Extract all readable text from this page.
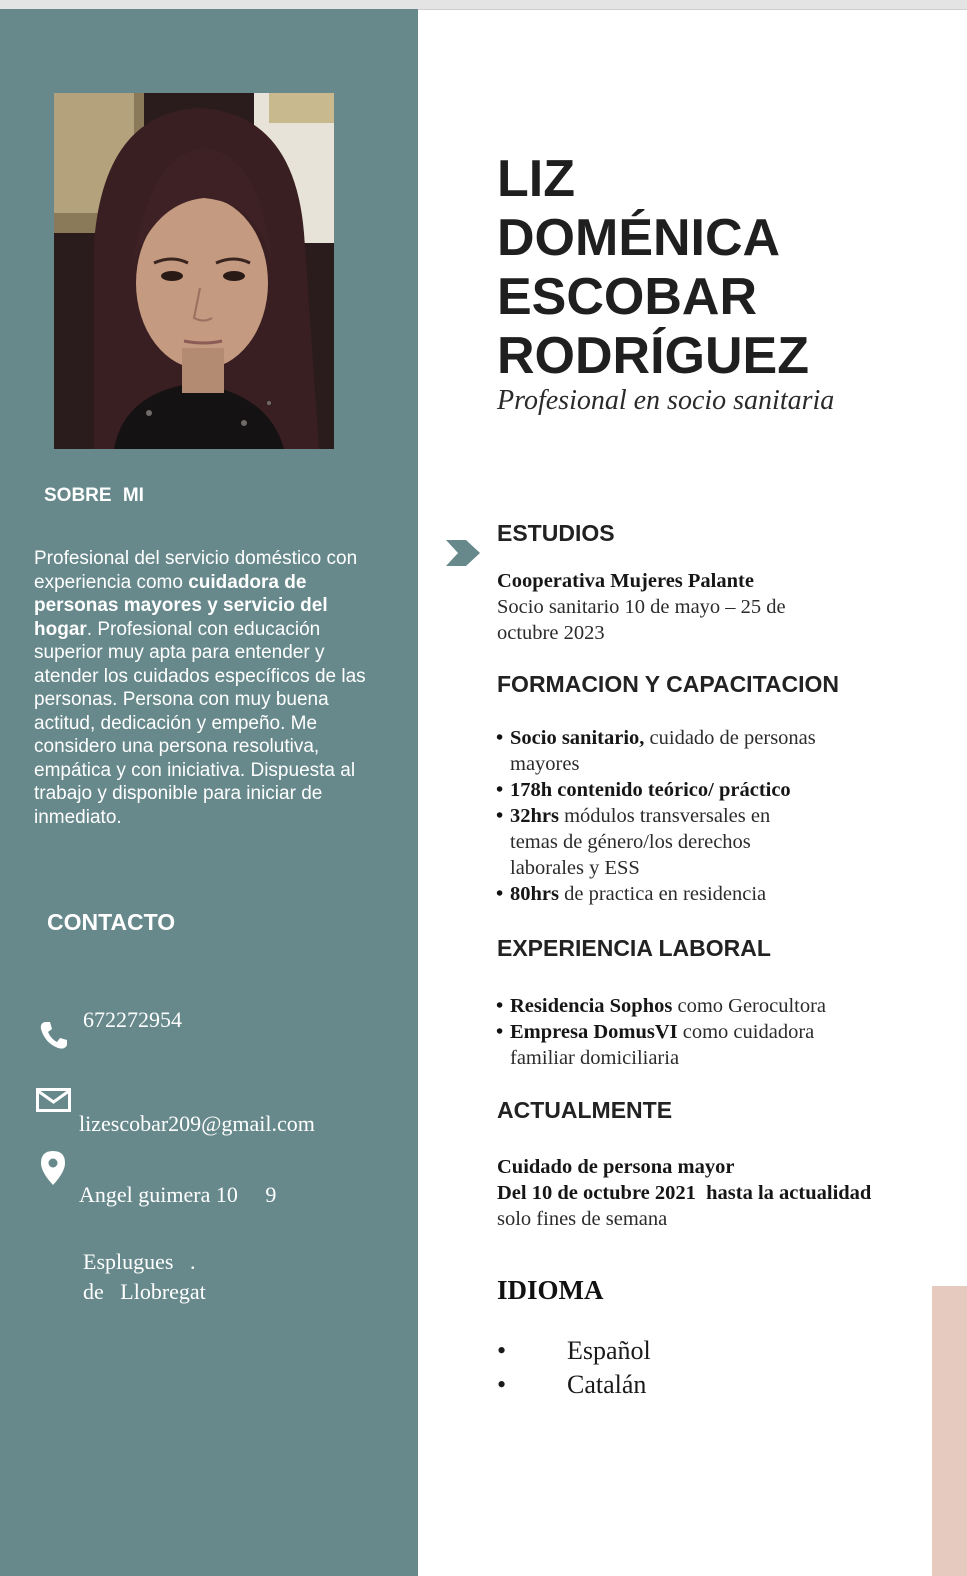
SOBRE MI

Profesional del servicio doméstico con experiencia como cuidadora de personas mayores y servicio del hogar. Profesional con educación superior muy apta para entender y atender los cuidados específicos de las personas. Persona con muy buena actitud, dedicación y empeño. Me considero una persona resolutiva, empática y con iniciativa. Dispuesta al trabajo y disponible para iniciar de inmediato.

CONTACTO
672272954
lizescobar209@gmail.com
Angel guimera 10     9
Esplugues   .
de   Llobregat
LIZ
DOMÉNICA
ESCOBAR
RODRÍGUEZ
Profesional en socio sanitaria
ESTUDIOS
Cooperativa Mujeres Palante
Socio sanitario 10 de mayo – 25 de octubre 2023
FORMACION Y CAPACITACION
• Socio sanitario, cuidado de personas mayores
• 178h contenido teórico/ práctico
• 32hrs módulos transversales en temas de género/los derechos laborales y ESS
• 80hrs de practica en residencia
EXPERIENCIA LABORAL
• Residencia Sophos como Gerocultora
• Empresa DomusVI como cuidadora familiar domiciliaria
ACTUALMENTE
Cuidado de persona mayor
Del 10 de octubre 2021  hasta la actualidad
solo fines de semana
IDIOMA
• Español
• Catalán
